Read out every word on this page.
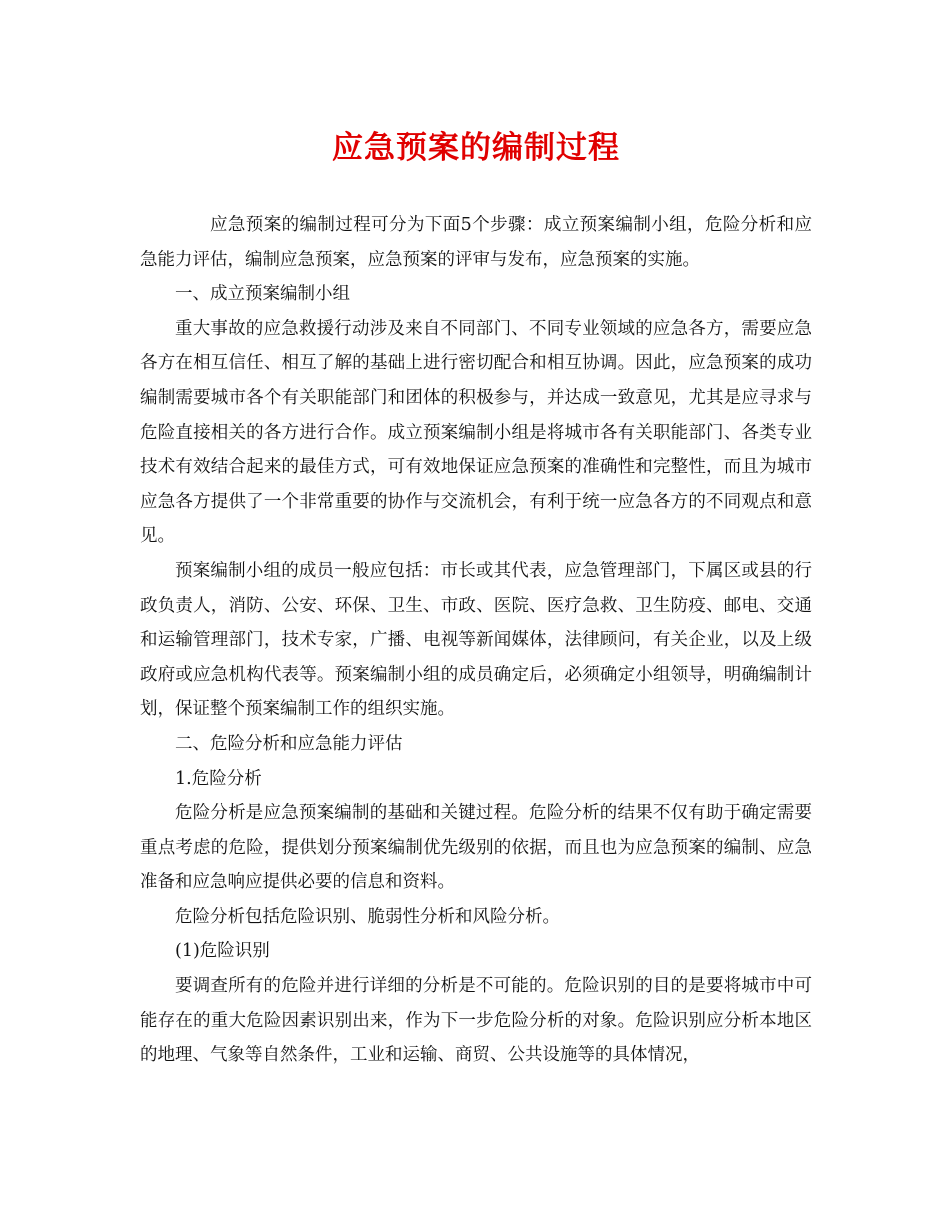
应急预案的编制过程

应急预案的编制过程可分为下面5个步骤：成立预案编制小组，危险分析和应急能力评估，编制应急预案，应急预案的评审与发布，应急预案的实施。

一、成立预案编制小组

重大事故的应急救援行动涉及来自不同部门、不同专业领域的应急各方，需要应急各方在相互信任、相互了解的基础上进行密切配合和相互协调。因此，应急预案的成功编制需要城市各个有关职能部门和团体的积极参与，并达成一致意见，尤其是应寻求与危险直接相关的各方进行合作。成立预案编制小组是将城市各有关职能部门、各类专业技术有效结合起来的最佳方式，可有效地保证应急预案的准确性和完整性，而且为城市应急各方提供了一个非常重要的协作与交流机会，有利于统一应急各方的不同观点和意见。

预案编制小组的成员一般应包括：市长或其代表，应急管理部门，下属区或县的行政负责人，消防、公安、环保、卫生、市政、医院、医疗急救、卫生防疫、邮电、交通和运输管理部门，技术专家，广播、电视等新闻媒体，法律顾问，有关企业，以及上级政府或应急机构代表等。预案编制小组的成员确定后，必须确定小组领导，明确编制计划，保证整个预案编制工作的组织实施。

二、危险分析和应急能力评估

1.危险分析

危险分析是应急预案编制的基础和关键过程。危险分析的结果不仅有助于确定需要重点考虑的危险，提供划分预案编制优先级别的依据，而且也为应急预案的编制、应急准备和应急响应提供必要的信息和资料。

危险分析包括危险识别、脆弱性分析和风险分析。

(1)危险识别

要调查所有的危险并进行详细的分析是不可能的。危险识别的目的是要将城市中可能存在的重大危险因素识别出来，作为下一步危险分析的对象。危险识别应分析本地区的地理、气象等自然条件，工业和运输、商贸、公共设施等的具体情况，
